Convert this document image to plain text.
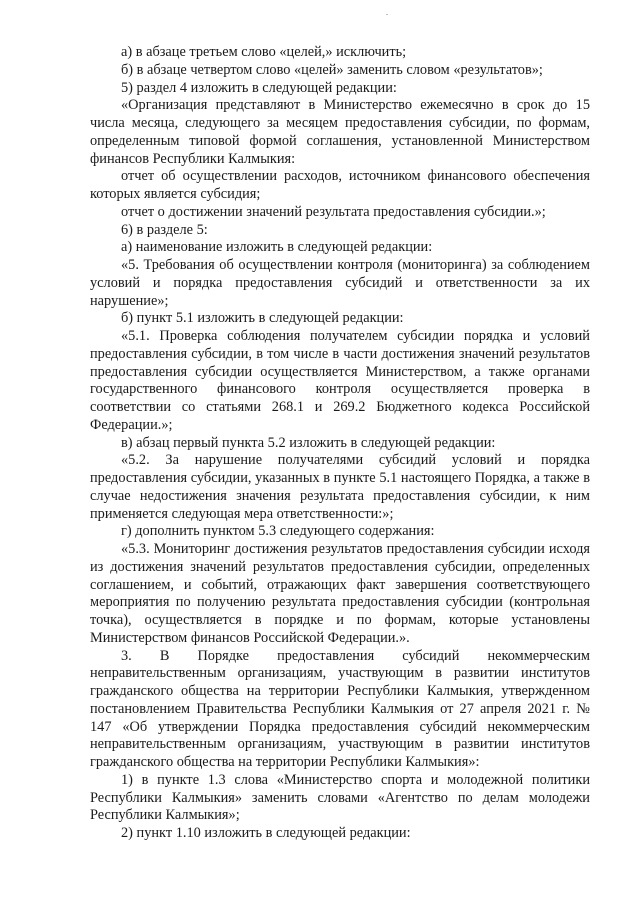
а) в абзаце третьем слово «целей,» исключить;

б) в абзаце четвертом слово «целей» заменить словом «результатов»;

5) раздел 4 изложить в следующей редакции:

«Организация представляют в Министерство ежемесячно в срок до 15 числа месяца, следующего за месяцем предоставления субсидии, по формам, определенным типовой формой соглашения, установленной Министерством финансов Республики Калмыкия:

отчет об осуществлении расходов, источником финансового обеспечения которых является субсидия;

отчет о достижении значений результата предоставления субсидии.»;

6) в разделе 5:

а) наименование изложить в следующей редакции:

«5. Требования об осуществлении контроля (мониторинга) за соблюдением условий и порядка предоставления субсидий и ответственности за их нарушение»;

б) пункт 5.1 изложить в следующей редакции:

«5.1. Проверка соблюдения получателем субсидии порядка и условий предоставления субсидии, в том числе в части достижения значений результатов предоставления субсидии осуществляется Министерством, а также органами государственного финансового контроля осуществляется проверка в соответствии со статьями 268.1 и 269.2 Бюджетного кодекса Российской Федерации.»;

в) абзац первый пункта 5.2 изложить в следующей редакции:

«5.2. За нарушение получателями субсидий условий и порядка предоставления субсидии, указанных в пункте 5.1 настоящего Порядка, а также в случае недостижения значения результата предоставления субсидии, к ним применяется следующая мера ответственности:»;

г) дополнить пунктом 5.3 следующего содержания:

«5.3. Мониторинг достижения результатов предоставления субсидии исходя из достижения значений результатов предоставления субсидии, определенных соглашением, и событий, отражающих факт завершения соответствующего мероприятия по получению результата предоставления субсидии (контрольная точка), осуществляется в порядке и по формам, которые установлены Министерством финансов Российской Федерации.».

3. В Порядке предоставления субсидий некоммерческим неправительственным организациям, участвующим в развитии институтов гражданского общества на территории Республики Калмыкия, утвержденном постановлением Правительства Республики Калмыкия от 27 апреля 2021 г. № 147 «Об утверждении Порядка предоставления субсидий некоммерческим неправительственным организациям, участвующим в развитии институтов гражданского общества на территории Республики Калмыкия»:

1) в пункте 1.3 слова «Министерство спорта и молодежной политики Республики Калмыкия» заменить словами «Агентство по делам молодежи Республики Калмыкия»;

2) пункт 1.10 изложить в следующей редакции:
